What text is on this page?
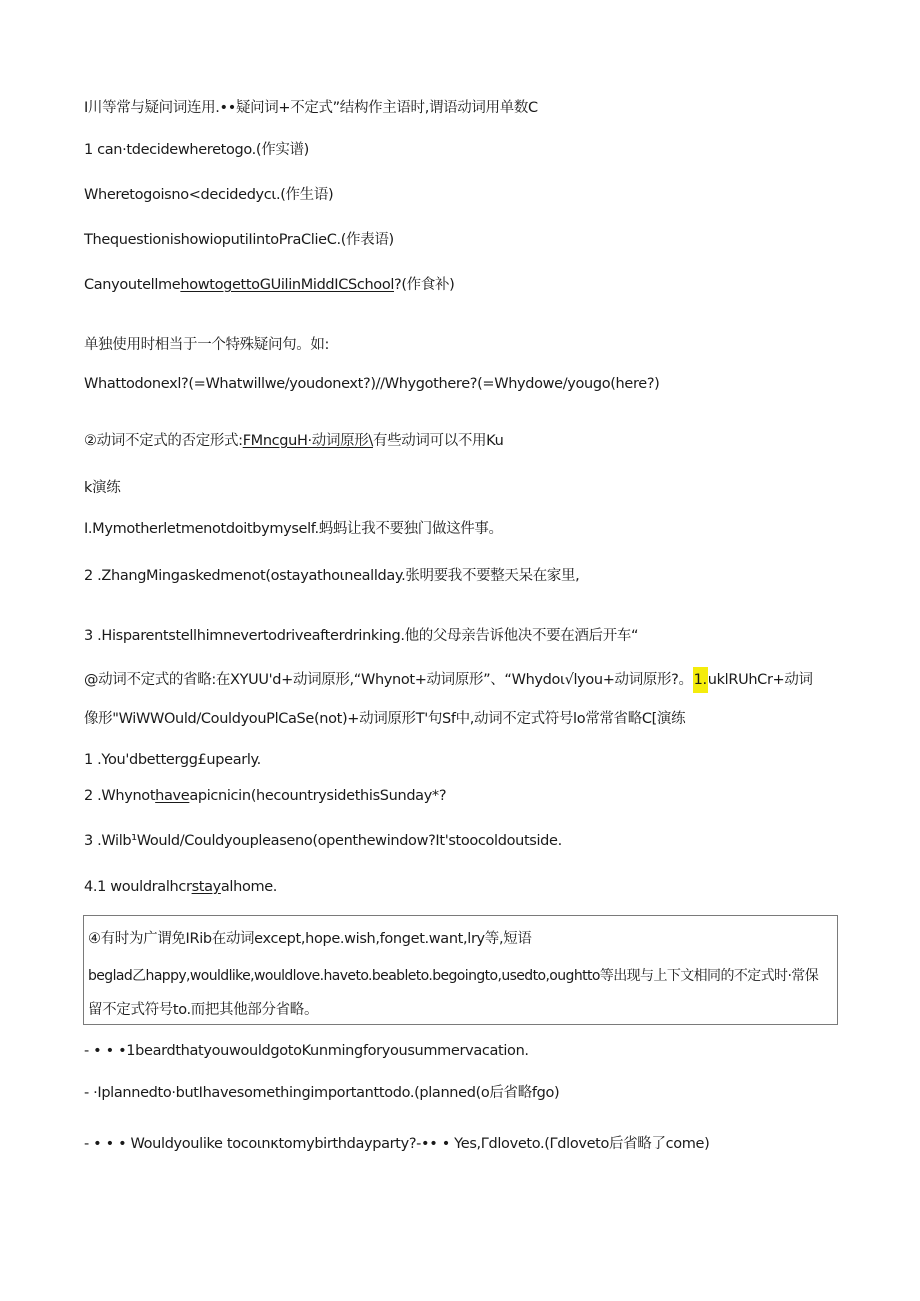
I川等常与疑问词连用.••疑问词+不定式”结构作主语时,谓语动词用单数C
1 can·tdecidewheretogo.(作实谱)
Wheretogoisno<decidedycι.(作生语)
ThequestionishowioputiIintoPraClieC.(作表语)
CanyoutellmehowtogettoGUilinMiddICSchool?(作食补)
单独使用时相当于一个特殊疑问句。如:
Whattodonexl?(=Whatwillwe/youdonext?)//Whygothere?(=Whydowe/yougo(here?)
②动词不定式的否定形式:FMncguH·动词原形\有些动词可以不用Ku
k演练
I.Mymotherletmenotdoitbymyself.蚂蚂让我不要独门做这件事。
2 .ZhangMingaskedmenot(ostayathoιneallday.张明要我不要整天呆在家里,
3 .Hisparentstellhimnevertodriveafterdrinking.他的父母亲告诉他决不要在酒后开车“
@动词不定式的省略:在XYUU'd+动词原形,“Whynot+动词原形”、“Whydoι√lyou+动词原形?。1.uklRUhCr+动词
像形"WiWWOuld/CouldyouPlCaSe(not)+动词原形T'句Sf中,动词不定式符号lo常常省略C[演练
1 .You'dbettergg£upearly.
2 .Whynothaveapicnicin(hecountrysidethisSunday*?
3 .Wilb¹Would/Couldyoupleaseno(openthewindow?It'stoocoldoutside.
4.1 wouldralhcrstayalhome.
④有时为广谓免IRib在动词except,hope.wish,fonget.want,lry等,短语
beglad乙happy,wouldlike,wouldlove.haveto.beableto.begoingto,usedto,oughtto等出现与上下文相同的不定式时·常保
留不定式符号to.而把其他部分省略。
- • • •1beardthatyouwouldgotoKunmingforyousummervacation.
- ·Iplannedto·butIhavesomethingimportanttodo.(planned(o后省略fgo)
- • • • Wouldyoulike tocoιnκtomybirthdayparty?-•• • Yes,Γdloveto.(Γdloveto后省略了come)
